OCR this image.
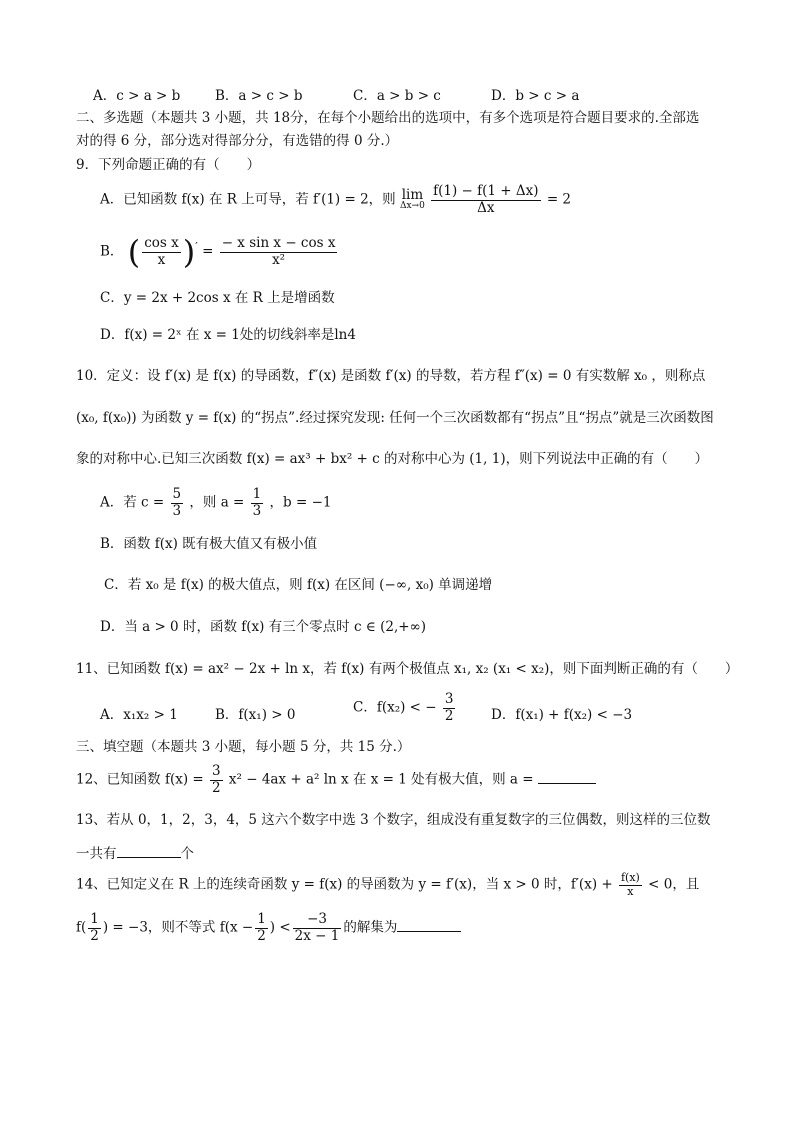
A．c > a > b	B．a > c > b	C．a > b > c	D．b > c > a
二、多选题（本题共 3 小题，共 18分，在每个小题给出的选项中，有多个选项是符合题目要求的.全部选
对的得 6 分，部分选对得部分分，有选错的得 0 分.）
9．下列命题正确的有（　　）
A．已知函数 f(x) 在 R 上可导，若 f′(1) = 2，则 lim
Δx→0
$\frac{f(1) - f(1 + \Delta x)}{\Delta x} = 2$
B． ( $\frac{\text{cos x}}{x} )' = \frac{\text{− x sin x − cos x}}{\text{x²}}$
C．y = 2x + 2cos x 在 R 上是增函数
D．f(x) = 2ˣ 在 x = 1处的切线斜率是ln4
10．定义：设 f′(x) 是 f(x) 的导函数，f″(x) 是函数 f′(x) 的导数，若方程 f″(x) = 0 有实数解 x₀ ，则称点
(x₀, f(x₀)) 为函数 y = f(x) 的“拐点”.经过探究发现: 任何一个三次函数都有“拐点”且“拐点”就是三次函数图
象的对称中心.已知三次函数 f(x) = ax³ + bx² + c 的对称中心为 (1, 1)，则下列说法中正确的有（　　）
A．若 $c = \frac{5}{3}$ ，则 $a = \frac{1}{3}$ ，b = −1
B．函数 f(x) 既有极大值又有极小值
C．若 x₀ 是 f(x) 的极大值点，则 f(x) 在区间 (−∞, x₀) 单调递增
D．当 a > 0 时，函数 f(x) 有三个零点时 c ∈ (2,+∞)
11、已知函数 f(x) = ax² − 2x + ln x，若 f(x) 有两个极值点 x₁, x₂ (x₁ < x₂)，则下面判断正确的有（　　）
A．x₁x₂ > 1	B．f(x₁) > 0	C．f(x₂) < − $\frac{3}{2}$	D．f(x₁) + f(x₂) < −3
三、填空题（本题共 3 小题，每小题 5 分，共 15 分.）
12、已知函数 $f(x) = \frac{3}{2} x^2 - 4ax + a^2$ ln x 在 x = 1 处有极大值，则 a =
13、若从 0，1，2，3，4，5 这六个数字中选 3 个数字，组成没有重复数字的三位偶数，则这样的三位数
一共有	个
14、已知定义在 R 上的连续奇函数 y = f(x) 的导函数为 y = f′(x)，当 x > 0 时，$f'(x) + \frac{f(x)}{x} < 0$，且
$f( \frac{1}{2}$ ) = −3，则不等式 $f(x - \frac{1}{2}$ ) < $\frac{-3}{2x - 1}$ 的解集为
